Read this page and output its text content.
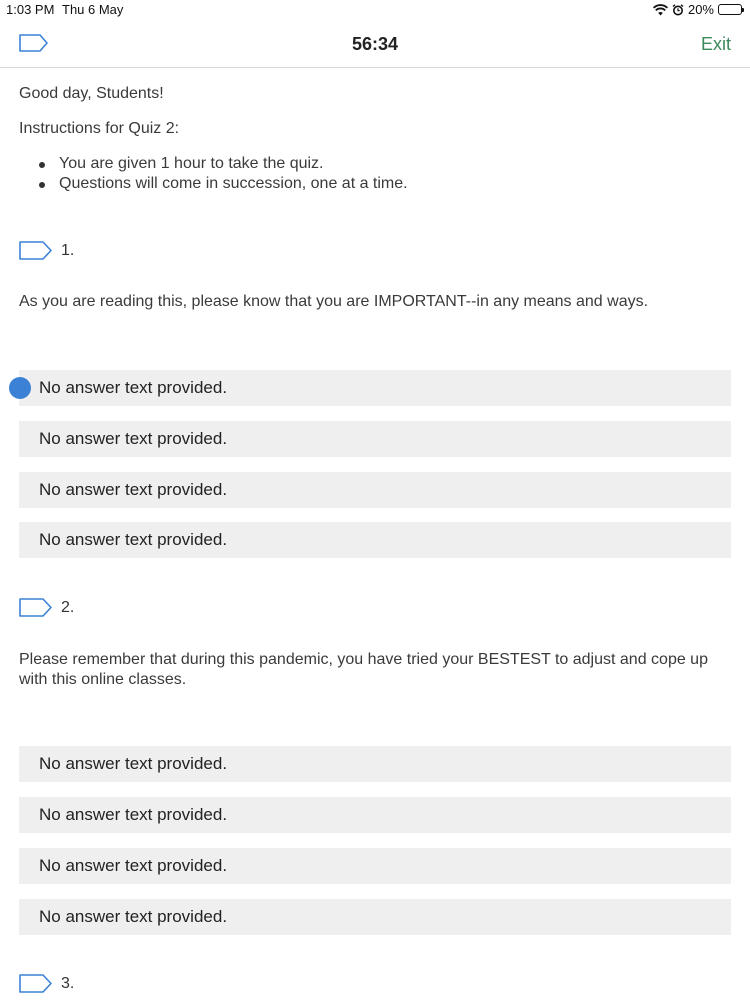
1:03 PM Thu 6 May	20%
56:34	Exit
Good day, Students!
Instructions for Quiz 2:
You are given 1 hour to take the quiz.
Questions will come in succession, one at a time.
1.
As you are reading this, please know that you are IMPORTANT--in any means and ways.
No answer text provided.
No answer text provided.
No answer text provided.
No answer text provided.
2.
Please remember that during this pandemic, you have tried your BESTEST to adjust and cope up with this online classes.
No answer text provided.
No answer text provided.
No answer text provided.
No answer text provided.
3.
